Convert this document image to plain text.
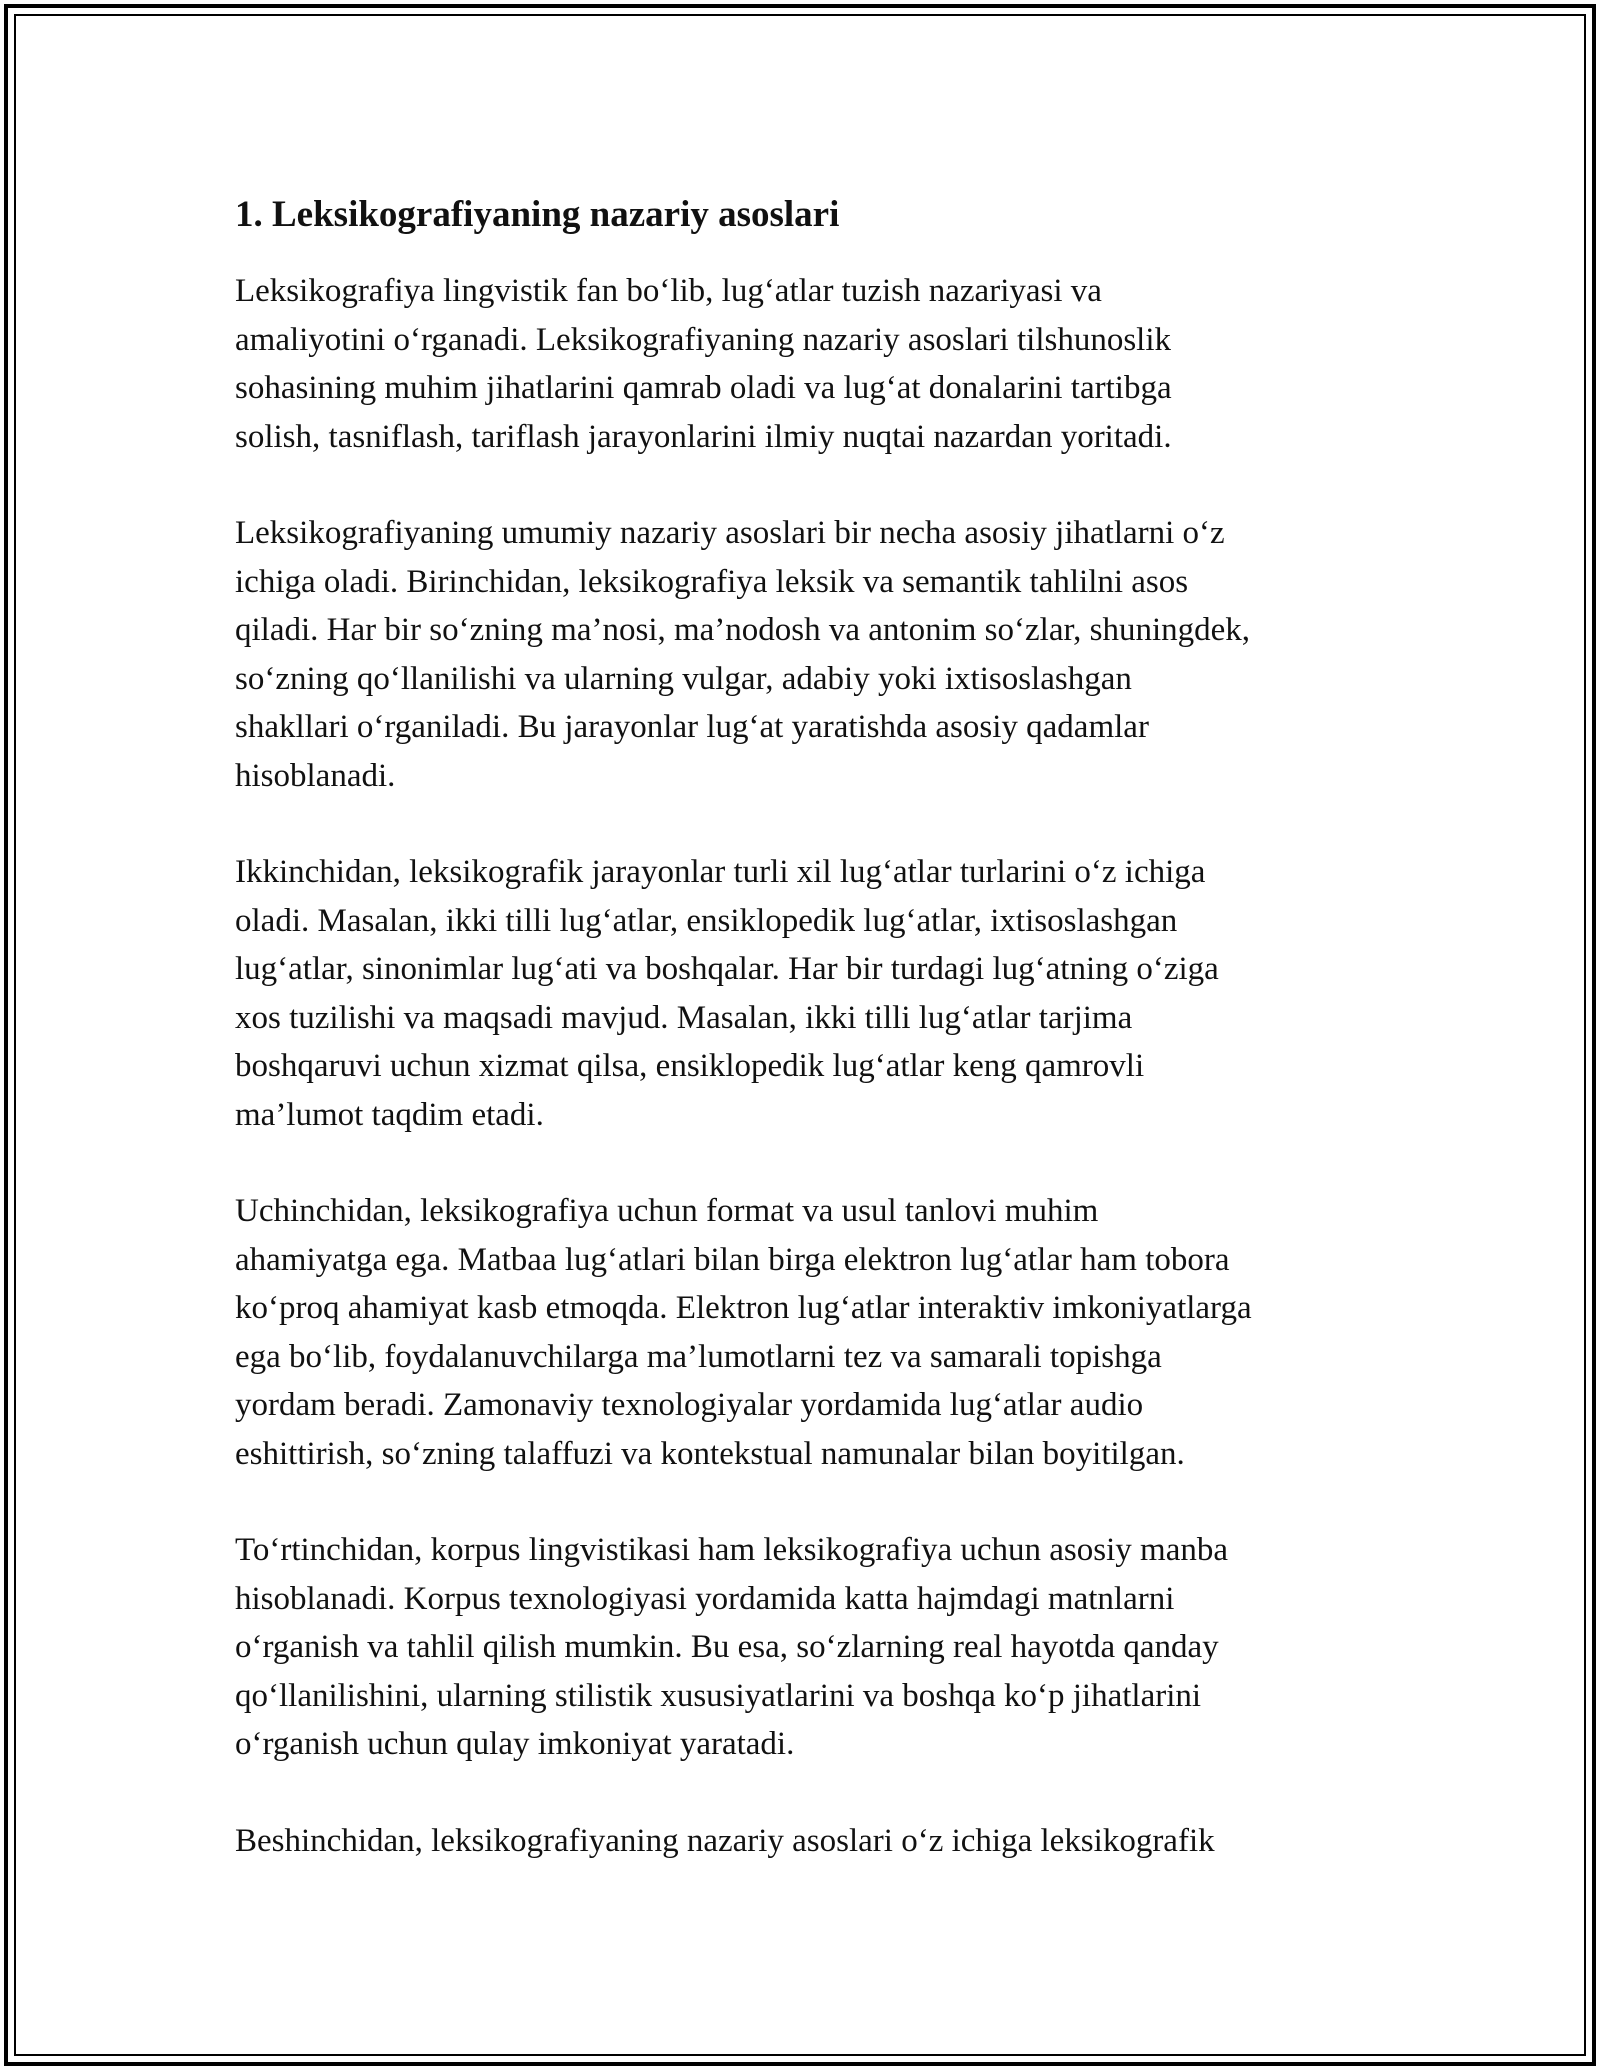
1. Leksikografiyaning nazariy asoslari

Leksikografiya lingvistik fan bo‘lib, lug‘atlar tuzish nazariyasi va
amaliyotini o‘rganadi. Leksikografiyaning nazariy asoslari tilshunoslik
sohasining muhim jihatlarini qamrab oladi va lug‘at donalarini tartibga
solish, tasniflash, tariflash jarayonlarini ilmiy nuqtai nazardan yoritadi.

Leksikografiyaning umumiy nazariy asoslari bir necha asosiy jihatlarni o‘z
ichiga oladi. Birinchidan, leksikografiya leksik va semantik tahlilni asos
qiladi. Har bir so‘zning ma’nosi, ma’nodosh va antonim so‘zlar, shuningdek,
so‘zning qo‘llanilishi va ularning vulgar, adabiy yoki ixtisoslashgan
shakllari o‘rganiladi. Bu jarayonlar lug‘at yaratishda asosiy qadamlar
hisoblanadi.

Ikkinchidan, leksikografik jarayonlar turli xil lug‘atlar turlarini o‘z ichiga
oladi. Masalan, ikki tilli lug‘atlar, ensiklopedik lug‘atlar, ixtisoslashgan
lug‘atlar, sinonimlar lug‘ati va boshqalar. Har bir turdagi lug‘atning o‘ziga
xos tuzilishi va maqsadi mavjud. Masalan, ikki tilli lug‘atlar tarjima
boshqaruvi uchun xizmat qilsa, ensiklopedik lug‘atlar keng qamrovli
ma’lumot taqdim etadi.

Uchinchidan, leksikografiya uchun format va usul tanlovi muhim
ahamiyatga ega. Matbaa lug‘atlari bilan birga elektron lug‘atlar ham tobora
ko‘proq ahamiyat kasb etmoqda. Elektron lug‘atlar interaktiv imkoniyatlarga
ega bo‘lib, foydalanuvchilarga ma’lumotlarni tez va samarali topishga
yordam beradi. Zamonaviy texnologiyalar yordamida lug‘atlar audio
eshittirish, so‘zning talaffuzi va kontekstual namunalar bilan boyitilgan.

To‘rtinchidan, korpus lingvistikasi ham leksikografiya uchun asosiy manba
hisoblanadi. Korpus texnologiyasi yordamida katta hajmdagi matnlarni
o‘rganish va tahlil qilish mumkin. Bu esa, so‘zlarning real hayotda qanday
qo‘llanilishini, ularning stilistik xususiyatlarini va boshqa ko‘p jihatlarini
o‘rganish uchun qulay imkoniyat yaratadi.

Beshinchidan, leksikografiyaning nazariy asoslari o‘z ichiga leksikografik
